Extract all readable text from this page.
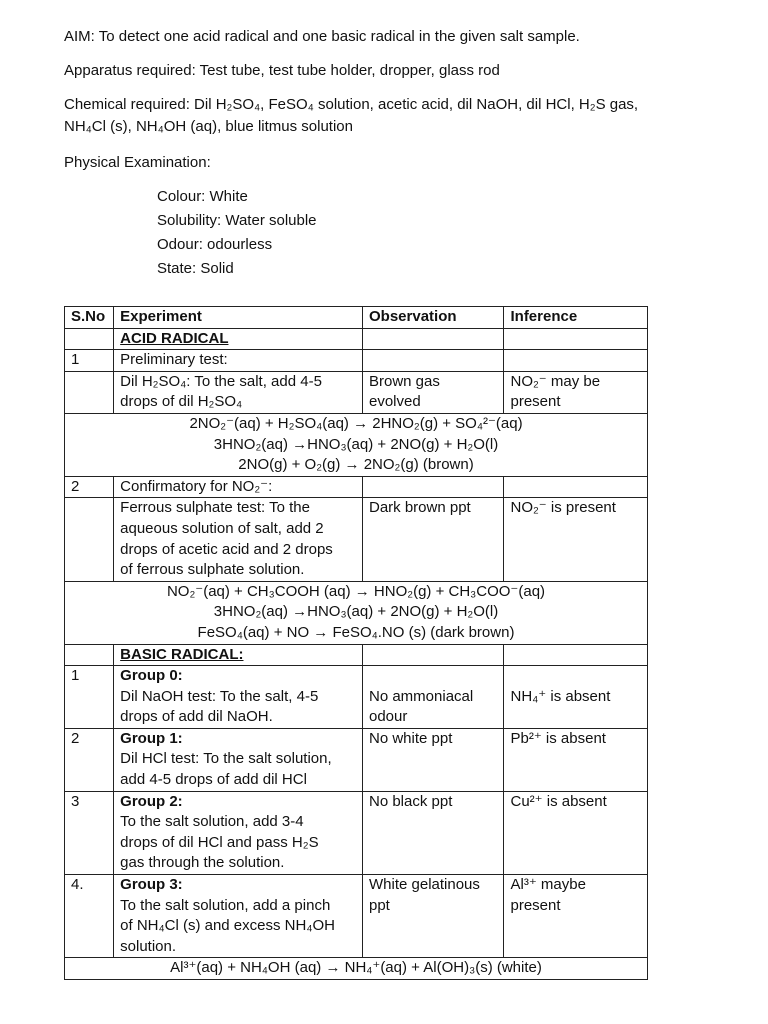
AIM: To detect one acid radical and one basic radical in the given salt sample.

Apparatus required: Test tube, test tube holder, dropper, glass rod

Chemical required: Dil H₂SO₄, FeSO₄ solution, acetic acid, dil NaOH, dil HCl, H₂S gas,
NH₄Cl (s), NH₄OH (aq), blue litmus solution

Physical Examination:

Colour: White

Solubility: Water soluble

Odour: odourless

State: Solid

S.No	Experiment	Observation	Inference
	ACID RADICAL		
1	Preliminary test:		
	Dil H₂SO₄: To the salt, add 4-5
drops of dil H₂SO₄	Brown gas
evolved	NO₂⁻ may be
present
2NO₂⁻(aq) + H₂SO₄(aq) → 2HNO₂(g) + SO₄²⁻(aq)
3HNO₂(aq) →HNO₃(aq) + 2NO(g) + H₂O(l)
2NO(g) + O₂(g) → 2NO₂(g) (brown)			
2	Confirmatory for NO₂⁻:		
	Ferrous sulphate test: To the
aqueous solution of salt, add 2
drops of acetic acid and 2 drops
of ferrous sulphate solution.	Dark brown ppt	NO₂⁻ is present
NO₂⁻(aq) + CH₃COOH (aq) → HNO₂(g) + CH₃COO⁻(aq)
3HNO₂(aq) →HNO₃(aq) + 2NO(g) + H₂O(l)
FeSO₄(aq) + NO → FeSO₄.NO (s) (dark brown)			
	BASIC RADICAL:		
1	Group 0:
Dil NaOH test: To the salt, 4-5
drops of add dil NaOH.	No ammoniacal
odour	NH₄⁺ is absent
2	Group 1:
Dil HCl test: To the salt solution,
add 4-5 drops of add dil HCl	No white ppt	Pb²⁺ is absent
3	Group 2:
To the salt solution, add 3-4
drops of dil HCl and pass H₂S
gas through the solution.	No black ppt	Cu²⁺ is absent
4.	Group 3:
To the salt solution, add a pinch
of NH₄Cl (s) and excess NH₄OH
solution.	White gelatinous
ppt	Al³⁺ maybe
present
Al³⁺(aq) + NH₄OH (aq) → NH₄⁺(aq) + Al(OH)₃(s) (white)			
